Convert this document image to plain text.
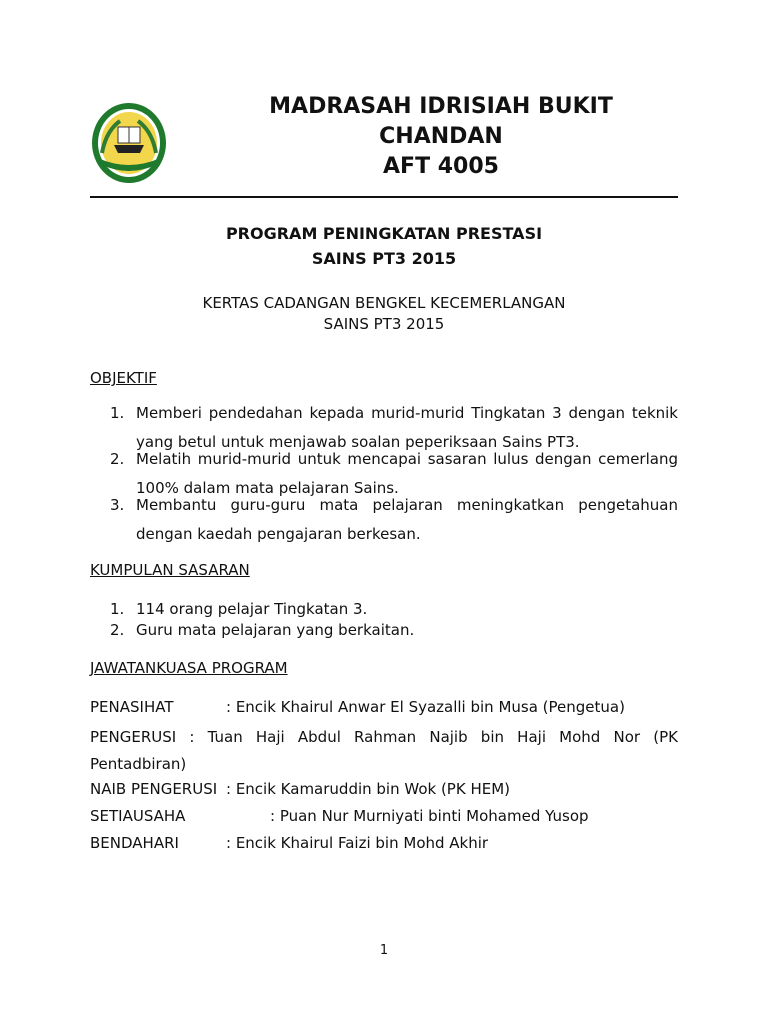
MADRASAH IDRISIAH BUKIT
CHANDAN
AFT 4005
PROGRAM PENINGKATAN PRESTASI
SAINS PT3 2015
KERTAS CADANGAN BENGKEL KECEMERLANGAN
SAINS PT3 2015
OBJEKTIF
1. Memberi pendedahan kepada murid-murid Tingkatan 3 dengan teknik yang betul untuk menjawab soalan peperiksaan Sains PT3.
2. Melatih murid-murid untuk mencapai sasaran lulus dengan cemerlang 100% dalam mata pelajaran Sains.
3. Membantu guru-guru mata pelajaran meningkatkan pengetahuan dengan kaedah pengajaran berkesan.
KUMPULAN SASARAN
1. 114 orang pelajar Tingkatan 3.
2. Guru mata pelajaran yang berkaitan.
JAWATANKUASA PROGRAM
PENASIHAT	: Encik Khairul Anwar El Syazalli bin Musa (Pengetua)
PENGERUSI : Tuan Haji Abdul Rahman Najib bin Haji Mohd Nor (PK
Pentadbiran)
NAIB PENGERUSI : Encik Kamaruddin bin Wok (PK HEM)
SETIAUSAHA	: Puan Nur Murniyati binti Mohamed Yusop
BENDAHARI	: Encik Khairul Faizi bin Mohd Akhir
1
